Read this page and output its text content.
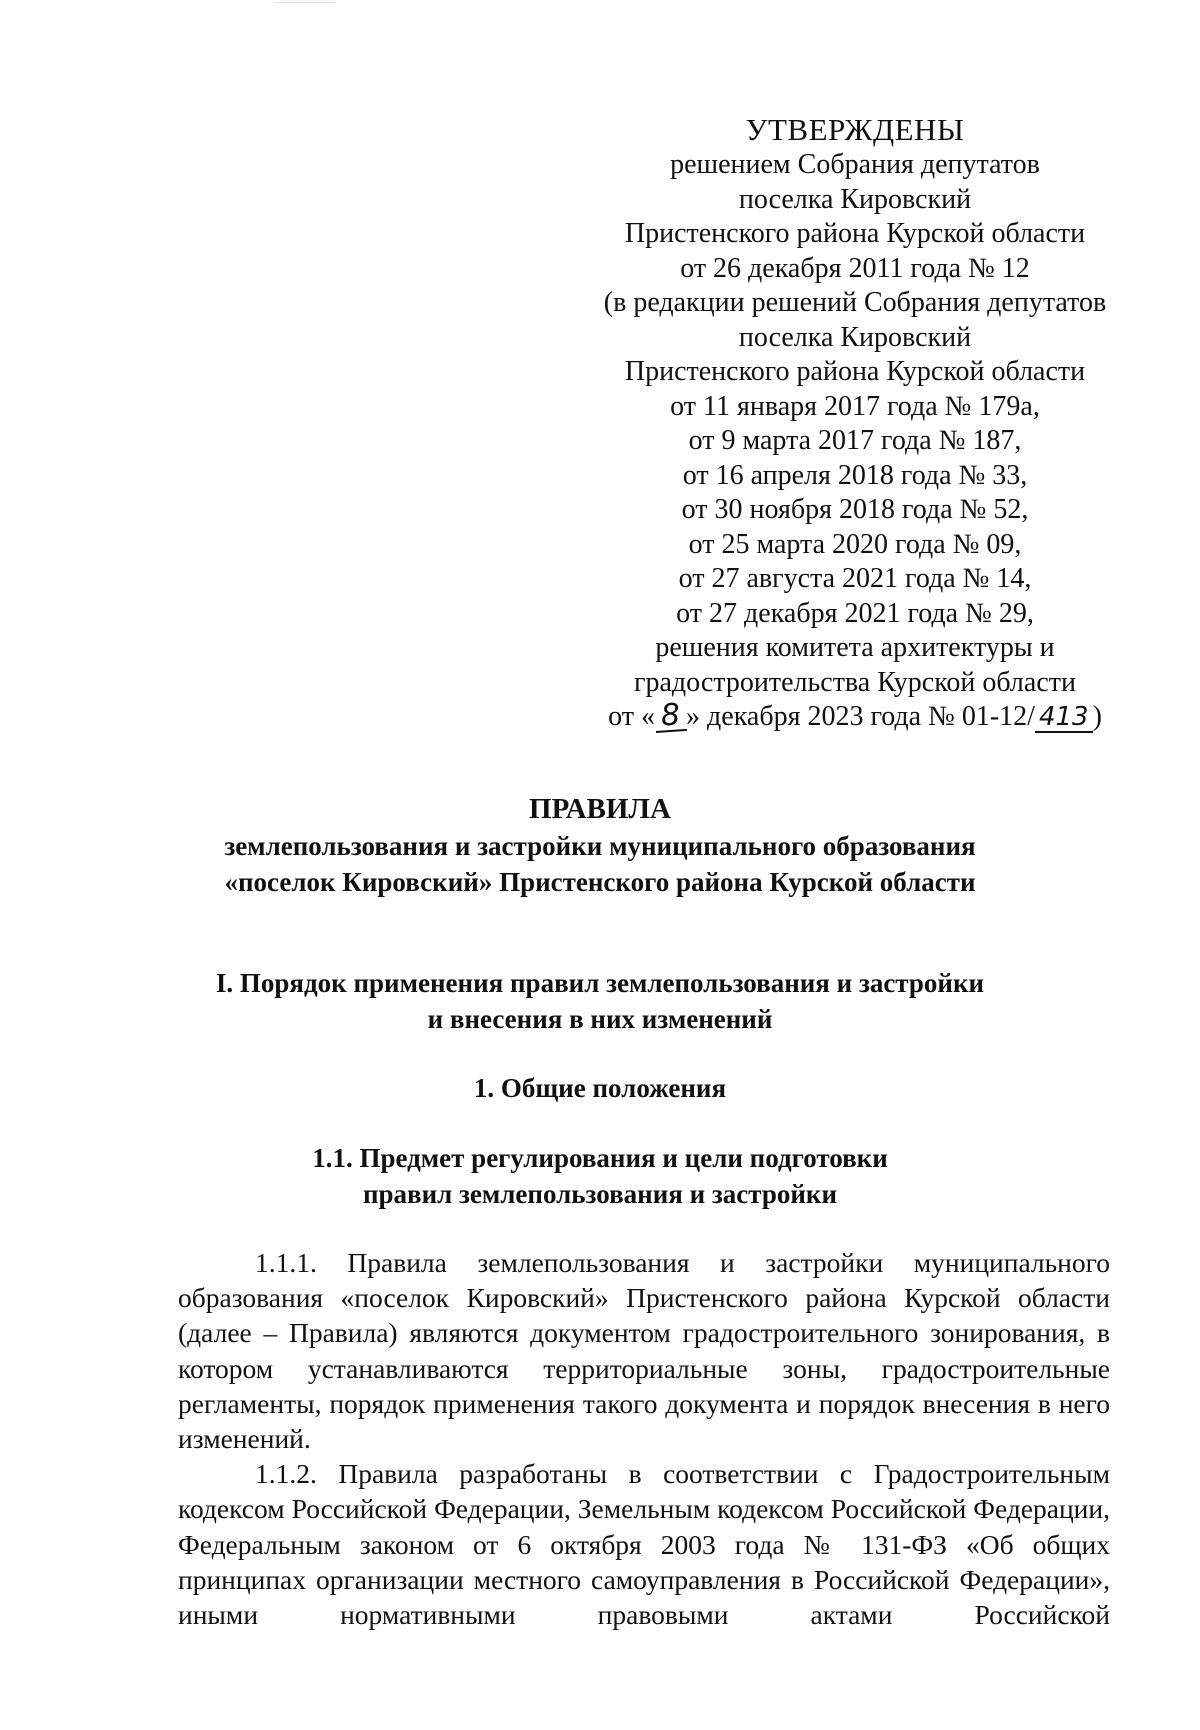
УТВЕРЖДЕНЫ
решением Собрания депутатов
поселка Кировский
Пристенского района Курской области
от 26 декабря 2011 года № 12
(в редакции решений Собрания депутатов
поселка Кировский
Пристенского района Курской области
от 11 января 2017 года № 179а,
от 9 марта 2017 года № 187,
от 16 апреля 2018 года № 33,
от 30 ноября 2018 года № 52,
от 25 марта 2020 года № 09,
от 27 августа 2021 года № 14,
от 27 декабря 2021 года № 29,
решения комитета архитектуры и
градостроительства Курской области
от « 8 » декабря 2023 года № 01-12/ 413 )
ПРАВИЛА
землепользования и застройки муниципального образования
«поселок Кировский» Пристенского района Курской области
I. Порядок применения правил землепользования и застройки
и внесения в них изменений
1. Общие положения
1.1. Предмет регулирования и цели подготовки
правил землепользования и застройки

1.1.1. Правила землепользования и застройки муниципального образования «поселок Кировский» Пристенского района Курской области (далее – Правила) являются документом градостроительного зонирования, в котором устанавливаются территориальные зоны, градостроительные регламенты, порядок применения такого документа и порядок внесения в него изменений.

1.1.2. Правила разработаны в соответствии с Градостроительным кодексом Российской Федерации, Земельным кодексом Российской Федерации, Федеральным законом от 6 октября 2003 года № 131-ФЗ «Об общих принципах организации местного самоуправления в Российской Федерации», иными нормативными правовыми актами Российской
